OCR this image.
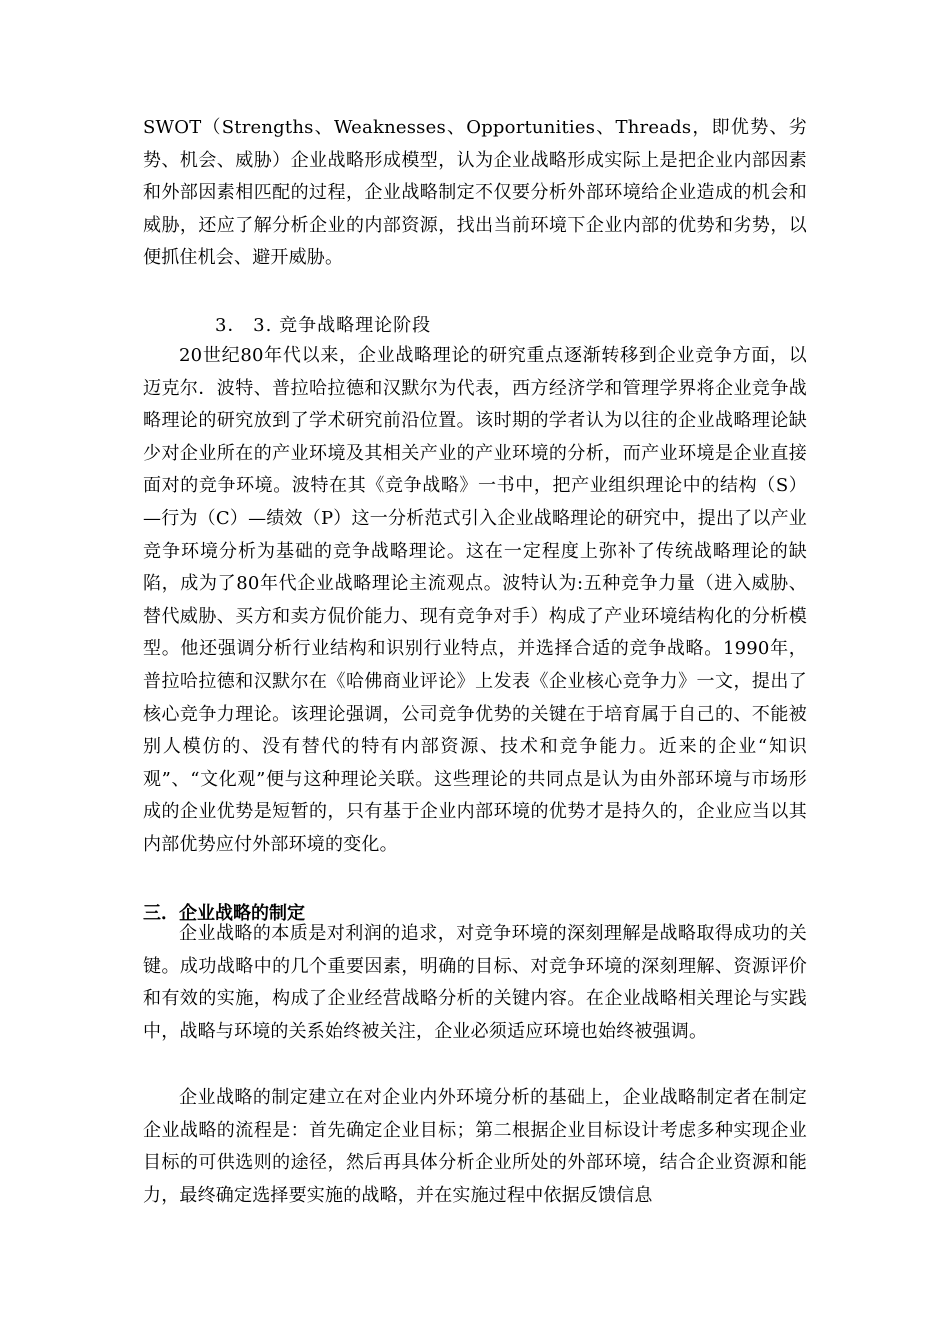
SWOT（Strengths、Weaknesses、Opportunities、Threads，即优势、劣势、机会、威胁）企业战略形成模型，认为企业战略形成实际上是把企业内部因素和外部因素相匹配的过程，企业战略制定不仅要分析外部环境给企业造成的机会和威胁，还应了解分析企业的内部资源，找出当前环境下企业内部的优势和劣势，以便抓住机会、避开威胁。

3． 3. 竞争战略理论阶段

20世纪80年代以来，企业战略理论的研究重点逐渐转移到企业竞争方面，以迈克尔．波特、普拉哈拉德和汉默尔为代表，西方经济学和管理学界将企业竞争战略理论的研究放到了学术研究前沿位置。该时期的学者认为以往的企业战略理论缺少对企业所在的产业环境及其相关产业的产业环境的分析，而产业环境是企业直接面对的竞争环境。波特在其《竞争战略》一书中，把产业组织理论中的结构（S）—行为（C）—绩效（P）这一分析范式引入企业战略理论的研究中，提出了以产业竞争环境分析为基础的竞争战略理论。这在一定程度上弥补了传统战略理论的缺陷，成为了80年代企业战略理论主流观点。波特认为:五种竞争力量（进入威胁、替代威胁、买方和卖方侃价能力、现有竞争对手）构成了产业环境结构化的分析模型。他还强调分析行业结构和识别行业特点，并选择合适的竞争战略。1990年，普拉哈拉德和汉默尔在《哈佛商业评论》上发表《企业核心竞争力》一文，提出了核心竞争力理论。该理论强调，公司竞争优势的关键在于培育属于自己的、不能被别人模仿的、没有替代的特有内部资源、技术和竞争能力。近来的企业“知识观”、“文化观”便与这种理论关联。这些理论的共同点是认为由外部环境与市场形成的企业优势是短暂的，只有基于企业内部环境的优势才是持久的，企业应当以其内部优势应付外部环境的变化。

三．企业战略的制定

企业战略的本质是对利润的追求，对竞争环境的深刻理解是战略取得成功的关键。成功战略中的几个重要因素，明确的目标、对竞争环境的深刻理解、资源评价和有效的实施，构成了企业经营战略分析的关键内容。在企业战略相关理论与实践中，战略与环境的关系始终被关注，企业必须适应环境也始终被强调。

企业战略的制定建立在对企业内外环境分析的基础上，企业战略制定者在制定企业战略的流程是：首先确定企业目标；第二根据企业目标设计考虑多种实现企业目标的可供选则的途径，然后再具体分析企业所处的外部环境，结合企业资源和能力，最终确定选择要实施的战略，并在实施过程中依据反馈信息
